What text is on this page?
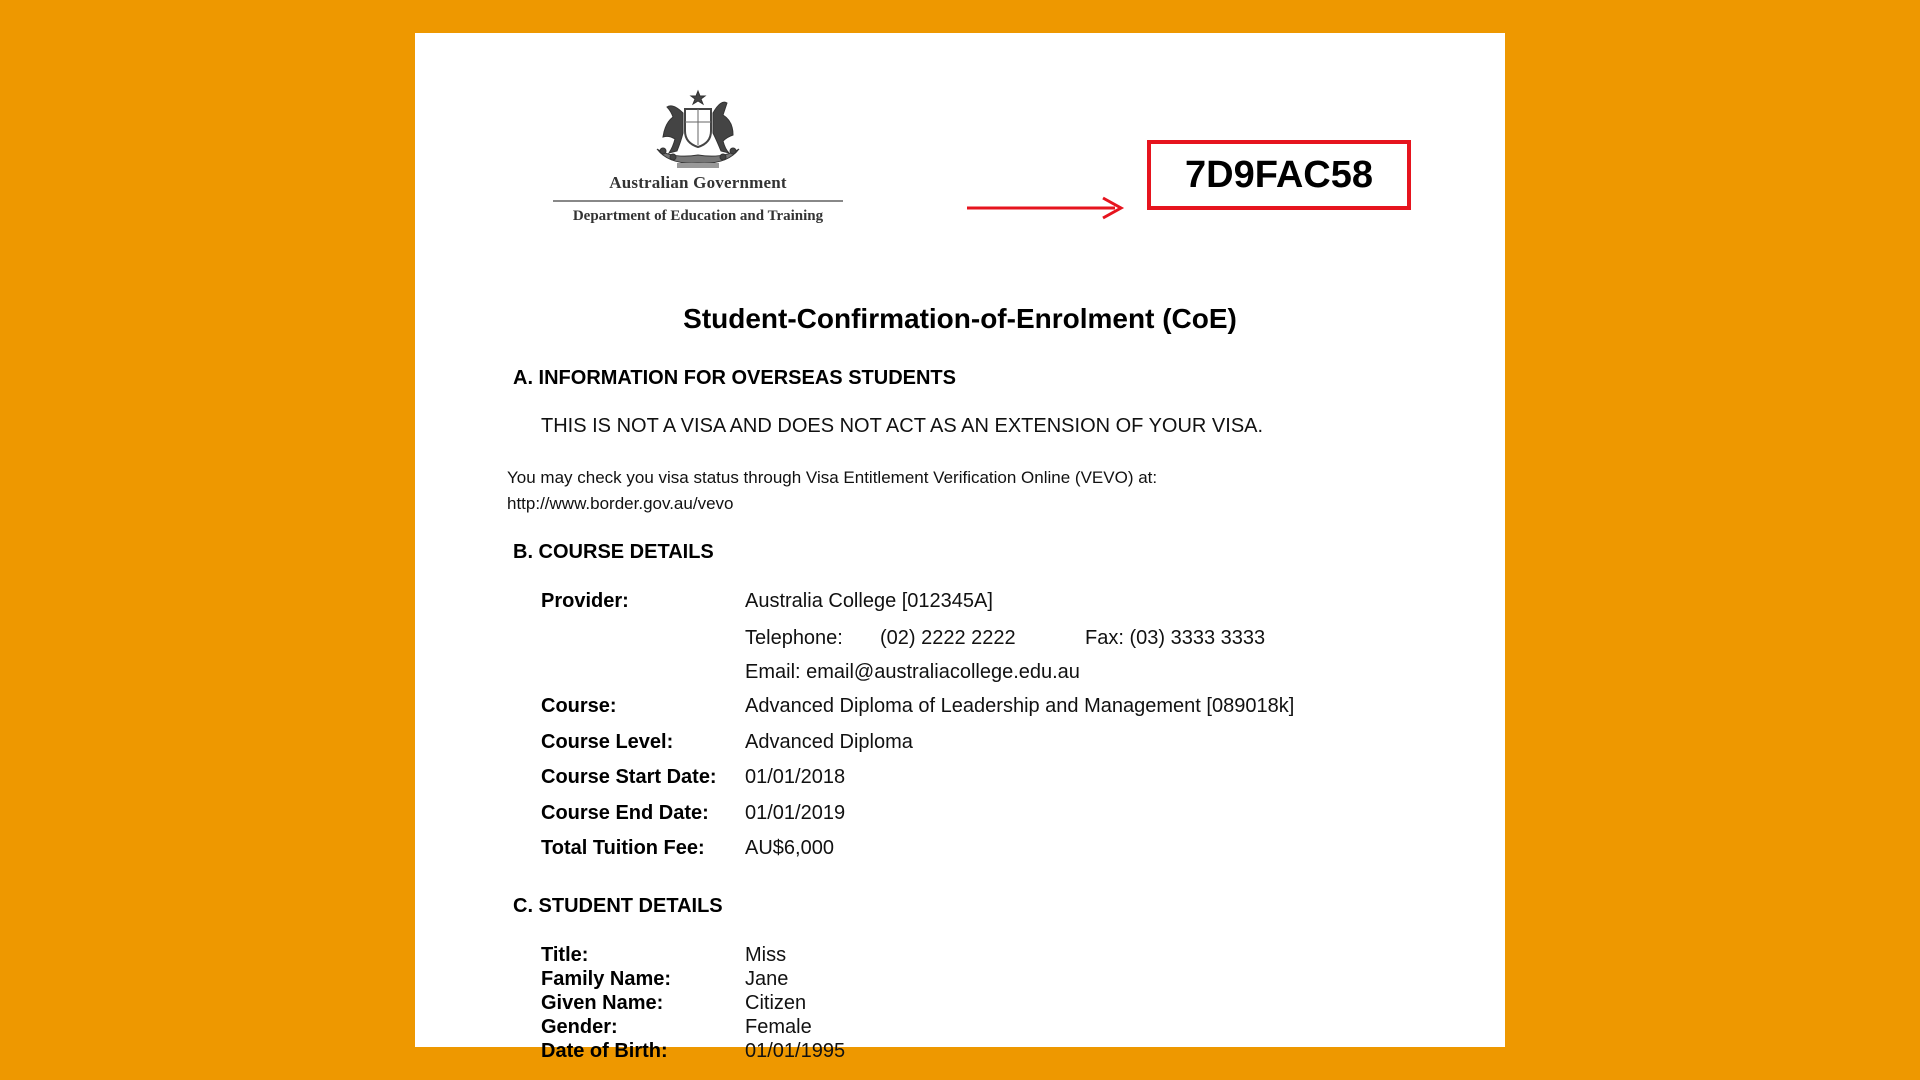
Australian Government
Department of Education and Training
7D9FAC58
Student-Confirmation-of-Enrolment (CoE)
A. INFORMATION FOR OVERSEAS STUDENTS
THIS IS NOT A VISA AND DOES NOT ACT AS AN EXTENSION OF YOUR VISA.
You may check you visa status through Visa Entitlement Verification Online (VEVO) at:
http://www.border.gov.au/vevo
B. COURSE DETAILS
Provider:	Australia College [012345A]
Telephone: (02) 2222 2222	Fax: (03) 3333 3333
Email: email@australiacollege.edu.au
Course:	Advanced Diploma of Leadership and Management [089018k]
Course Level:	Advanced Diploma
Course Start Date: 01/01/2018
Course End Date: 01/01/2019
Total Tuition Fee: AU$6,000
C. STUDENT DETAILS
Title:	Miss
Family Name:	Jane
Given Name:	Citizen
Gender:	Female
Date of Birth:	01/01/1995
